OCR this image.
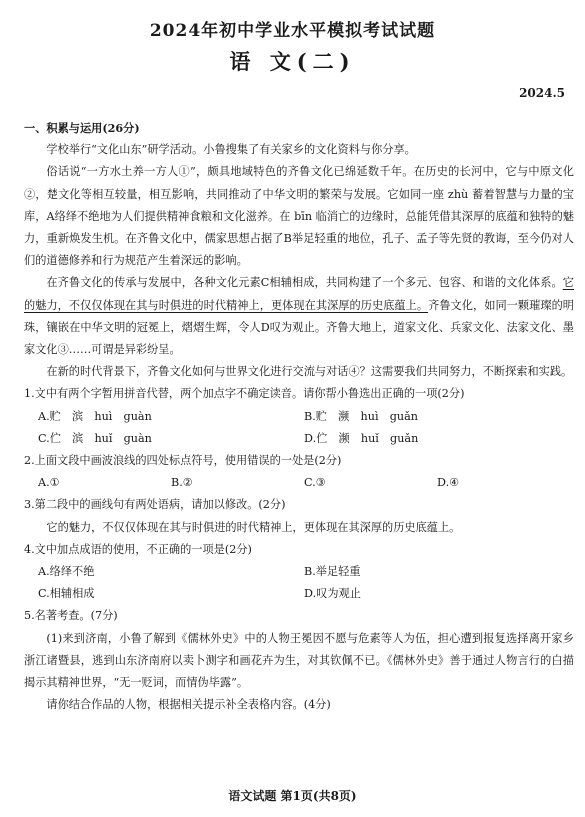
2024年初中学业水平模拟考试试题
语 文(二)
2024.5

一、积累与运用(26分)

学校举行“文化山东”研学活动。小鲁搜集了有关家乡的文化资料与你分享。

俗话说“一方水土养一方人①”，颇具地域特色的齐鲁文化已绵延数千年。在历史的长河中，它与中原文化②，楚文化等相互较量，相互影响，共同推动了中华文明的繁荣与发展。它如同一座 zhù 蓄着智慧与力量的宝库，A络绎不绝地为人们提供精神食粮和文化滋养。在 bīn 临消亡的边缘时，总能凭借其深厚的底蕴和独特的魅力，重新焕发生机。在齐鲁文化中，儒家思想占据了B举足轻重的地位，孔子、孟子等先贤的教诲，至今仍对人们的道德修养和行为规范产生着深远的影响。

在齐鲁文化的传承与发展中，各种文化元素C相辅相成，共同构建了一个多元、包容、和谐的文化体系。它的魅力，不仅仅体现在其与时俱进的时代精神上，更体现在其深厚的历史底蕴上。齐鲁文化，如同一颗璀璨的明珠，镶嵌在中华文明的冠冕上，熠熠生辉，令人D叹为观止。齐鲁大地上，道家文化、兵家文化、法家文化、墨家文化③……可谓是异彩纷呈。

在新的时代背景下，齐鲁文化如何与世界文化进行交流与对话④？这需要我们共同努力，不断探索和实践。

1.文中有两个字暂用拼音代替，两个加点字不确定读音。请你帮小鲁选出正确的一项(2分)

A.贮　滨　huì　guàn	B.贮　濒　huì　guǎn
C.伫　滨　huǐ　guàn	D.伫　濒　huǐ　guǎn

2.上面文段中画波浪线的四处标点符号，使用错误的一处是(2分)

A.①	B.②	C.③	D.④

3.第二段中的画线句有两处语病，请加以修改。(2分)

它的魅力，不仅仅体现在其与时俱进的时代精神上，更体现在其深厚的历史底蕴上。

4.文中加点成语的使用，不正确的一项是(2分)

A.络绎不绝	B.举足轻重
C.相辅相成	D.叹为观止

5.名著考查。(7分)

(1)来到济南，小鲁了解到《儒林外史》中的人物王冕因不愿与危素等人为伍，担心遭到报复选择离开家乡浙江诸暨县，逃到山东济南府以卖卜测字和画花卉为生，对其钦佩不已。《儒林外史》善于通过人物言行的白描揭示其精神世界，“无一贬词，而情伪毕露”。

请你结合作品的人物，根据相关提示补全表格内容。(4分)

语文试题 第1页(共8页)
